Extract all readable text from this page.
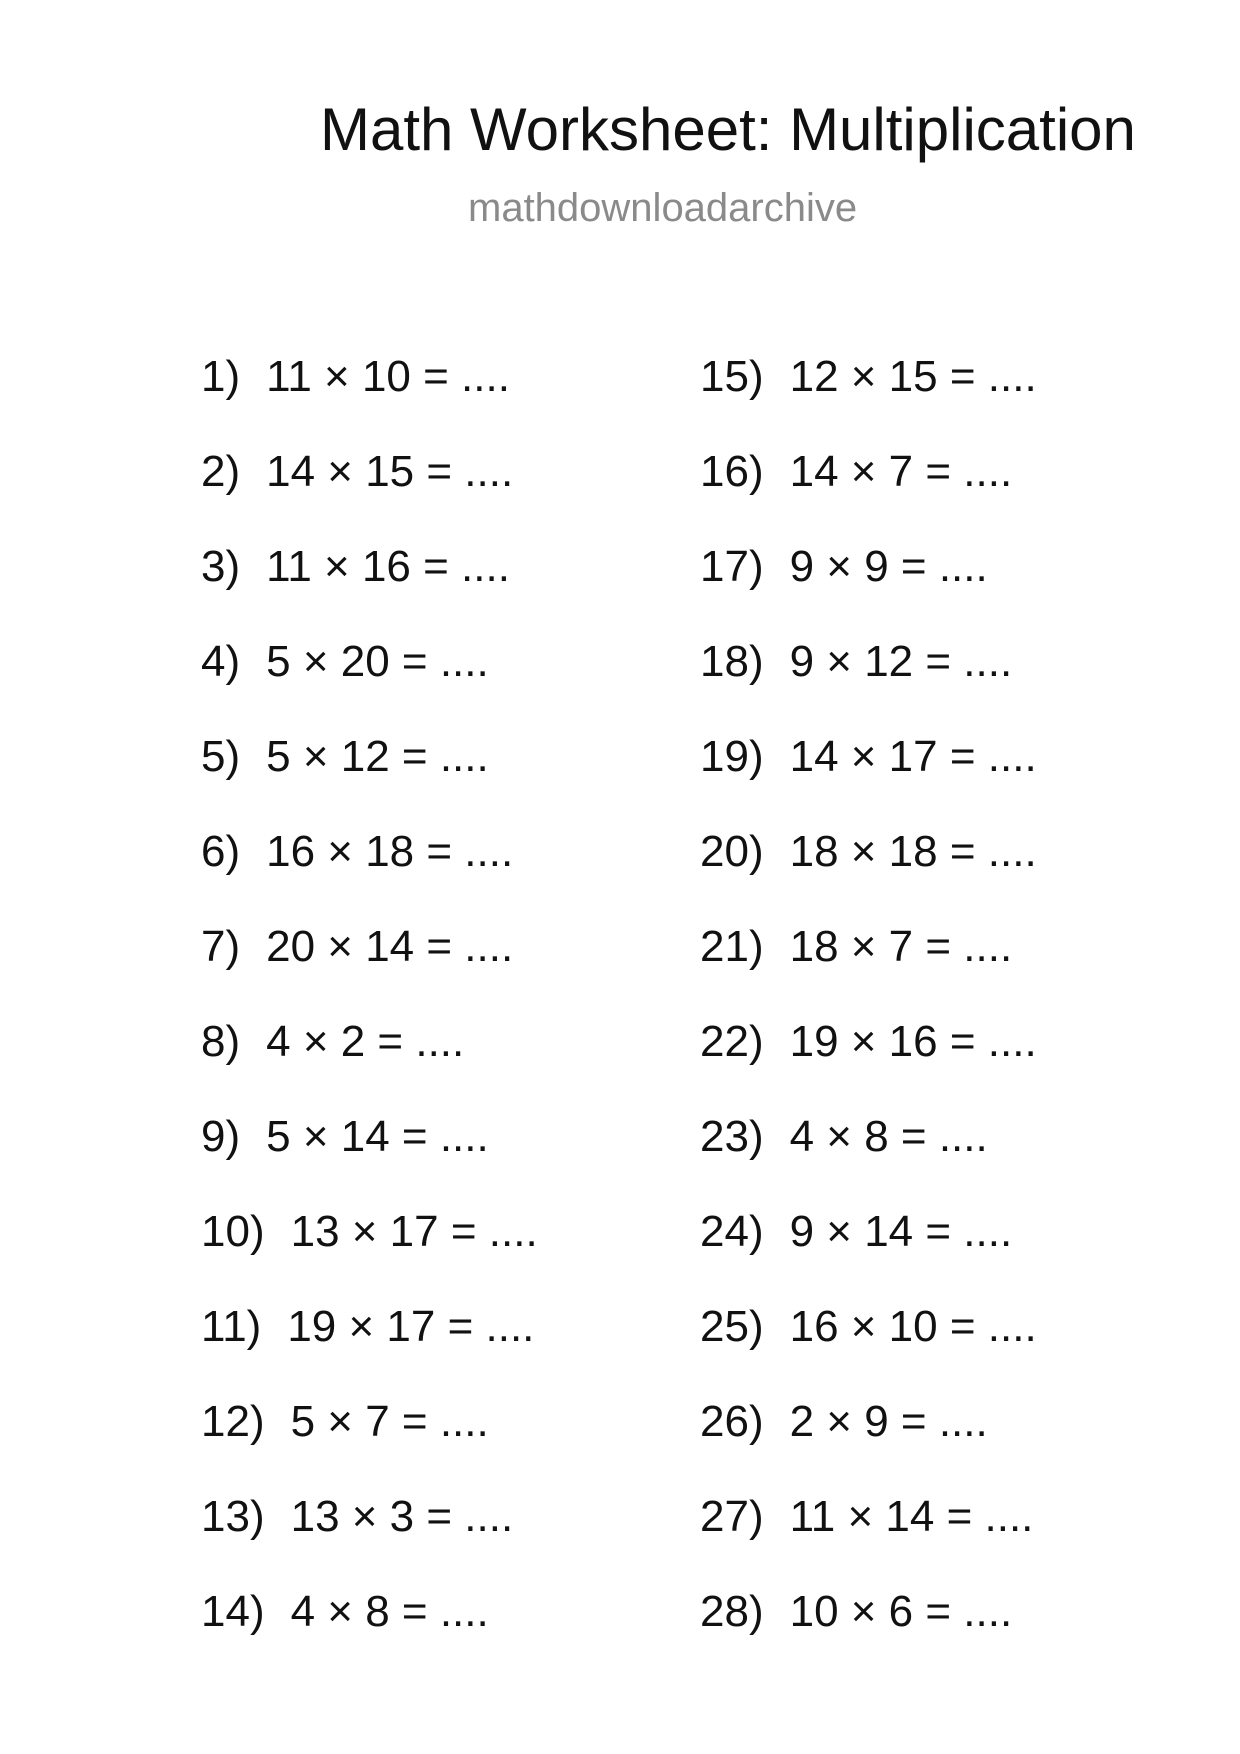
Math Worksheet: Multiplication
mathdownloadarchive
1) 11 × 10 = ....
2) 14 × 15 = ....
3) 11 × 16 = ....
4) 5 × 20 = ....
5) 5 × 12 = ....
6) 16 × 18 = ....
7) 20 × 14 = ....
8) 4 × 2 = ....
9) 5 × 14 = ....
10) 13 × 17 = ....
11) 19 × 17 = ....
12) 5 × 7 = ....
13) 13 × 3 = ....
14) 4 × 8 = ....
15) 12 × 15 = ....
16) 14 × 7 = ....
17) 9 × 9 = ....
18) 9 × 12 = ....
19) 14 × 17 = ....
20) 18 × 18 = ....
21) 18 × 7 = ....
22) 19 × 16 = ....
23) 4 × 8 = ....
24) 9 × 14 = ....
25) 16 × 10 = ....
26) 2 × 9 = ....
27) 11 × 14 = ....
28) 10 × 6 = ....
